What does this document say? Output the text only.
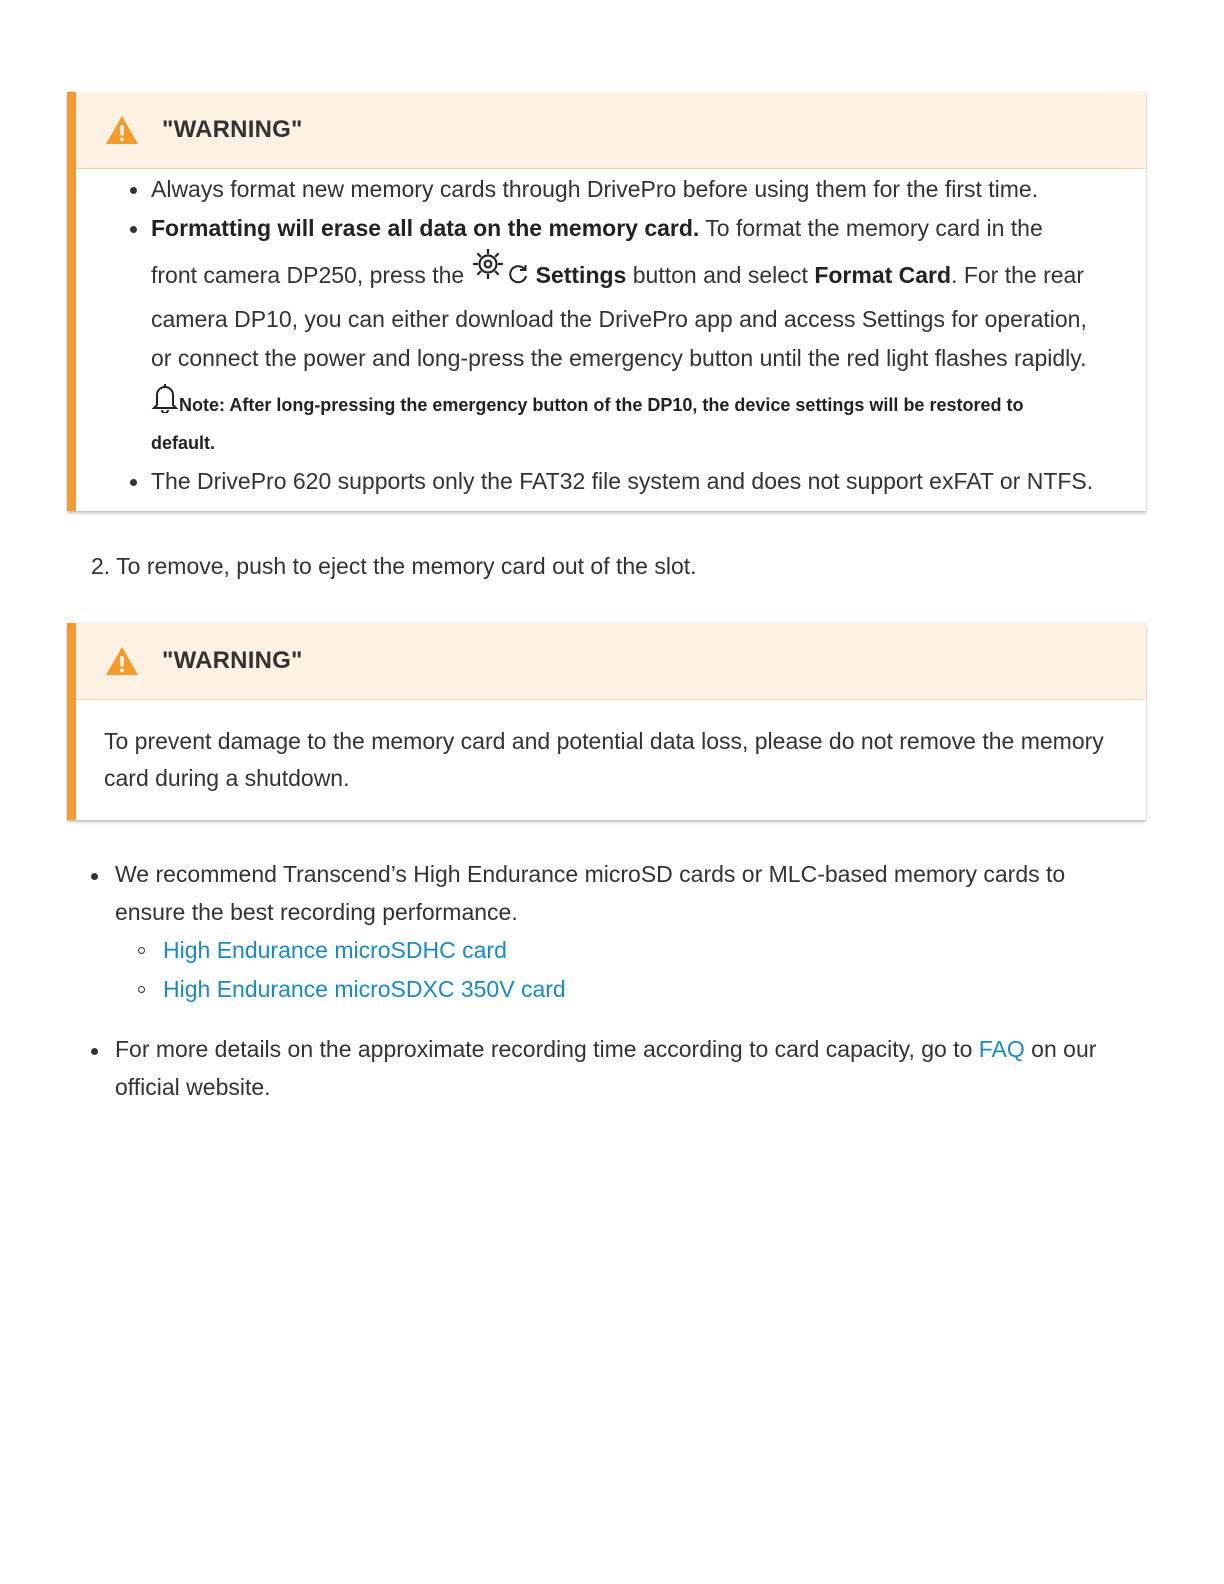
"WARNING"
Always format new memory cards through DrivePro before using them for the first time.
Formatting will erase all data on the memory card. To format the memory card in the
front camera DP250, press the	Settings button and select Format Card. For the rear
camera DP10, you can either download the DrivePro app and access Settings for operation,
or connect the power and long-press the emergency button until the red light flashes rapidly.
Note: After long-pressing the emergency button of the DP10, the device settings will be restored to
default.
The DrivePro 620 supports only the FAT32 file system and does not support exFAT or NTFS.
2. To remove, push to eject the memory card out of the slot.
"WARNING"
To prevent damage to the memory card and potential data loss, please do not remove the memory
card during a shutdown.
We recommend Transcend’s High Endurance microSD cards or MLC-based memory cards to
ensure the best recording performance.
High Endurance microSDHC card
High Endurance microSDXC 350V card
For more details on the approximate recording time according to card capacity, go to FAQ on our
official website.
